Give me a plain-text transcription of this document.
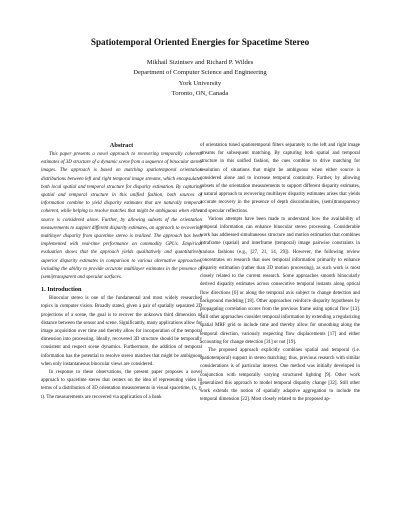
Spatiotemporal Oriented Energies for Spacetime Stereo
Mikhail Sizintsev and Richard P. Wildes
Department of Computer Science and Engineering
York University
Toronto, ON, Canada
Abstract

This paper presents a novel approach to recovering temporally coherent estimates of 3D structure of a dynamic scene from a sequence of binocular stereo images. The approach is based on matching spatiotemporal orientation distributions between left and right temporal image streams, which encapsulates both local spatial and temporal structure for disparity estimation. By capturing spatial and temporal structure in this unified fashion, both sources of information combine to yield disparity estimates that are naturally temporal coherent, while helping to resolve matches that might be ambiguous when either source is considered alone. Further, by allowing subsets of the orientation measurements to support different disparity estimates, an approach to recovering multilayer disparity from spacetime stereo is realized. The approach has been implemented with real-time performance on commodity GPUs. Empirical evaluation shows that the approach yields qualitatively and quantitatively superior disparity estimates in comparison to various alternative approaches, including the ability to provide accurate multilayer estimates in the presence of (semi)transparent and specular surfaces.

1. Introduction

Binocular stereo is one of the fundamental and most widely researched topics in computer vision. Broadly stated, given a pair of spatially separated 2D projections of a scene, the goal is to recover the unknown third dimension of distance between the sensor and scene. Significantly, many applications allow for image acquisition over time and thereby allow for incorporation of the temporal dimension into processing. Ideally, recovered 3D structure should be temporally consistent and respect scene dynamics. Furthermore, the addition of temporal information has the potential to resolve stereo matches that might be ambiguous when only instantaneous binocular views are considered.

In response to these observations, the present paper proposes a novel approach to spacetime stereo that centers on the idea of representing video in terms of a distribution of 3D orientation measurements in visual spacetime, (x, y, t). The measurements are recovered via application of a bank

of orientation tuned spatiotemporal filters separately to the left and right image streams for subsequent matching. By capturing both spatial and temporal structure in this unified fashion, the cues combine to drive matching for resolution of situations that might be ambiguous when either source is considered alone and to increase temporal continuity. Further, by allowing subsets of the orientation measurements to support different disparity estimates, a natural approach to recovering multilayer disparity estimates arises that yields accurate recovery in the presence of depth discontinuities, (semi)transparency and specular reflections.

Various attempts have been made to understand how the availability of temporal information can enhance binocular stereo processing. Considerable work has addressed simultaneous structure and motion estimation that combines intraframe (spatial) and interframe (temporal) image pairwise constraints in various fashions (e.g., [27, 21, 14, 29]). However, the following review concentrates on research that uses temporal information primarily to enhance disparity estimation (rather than 3D motion processing), as such work is most closely related to the current research. Some approaches smooth binocularly derived disparity estimates across consecutive temporal instants along optical flow directions [6] or along the temporal axis subject to change detection and background modeling [18]. Other approaches reinforce disparity hypotheses by propagating correlation scores from the previous frame using optical flow [13]. Still other approaches consider temporal information by extending a regularizing spatial MRF grid to include time and thereby allow for smoothing along the temporal direction, variously respecting flow displacements [17] and either accounting for change detection [31] or not [19].

The proposed approach explicitly combines spatial and temporal (i.e. spatiotemporal) support in stereo matching; thus, previous research with similar considerations is of particular interest. One method was initially developed in conjunction with temporally varying structured lighting [9]. Other work generalized this approach to model temporal disparity change [32]. Still other work extends the notion of spatially adaptive aggregation to include the temporal dimension [22]. Most closely related to the proposed ap-
